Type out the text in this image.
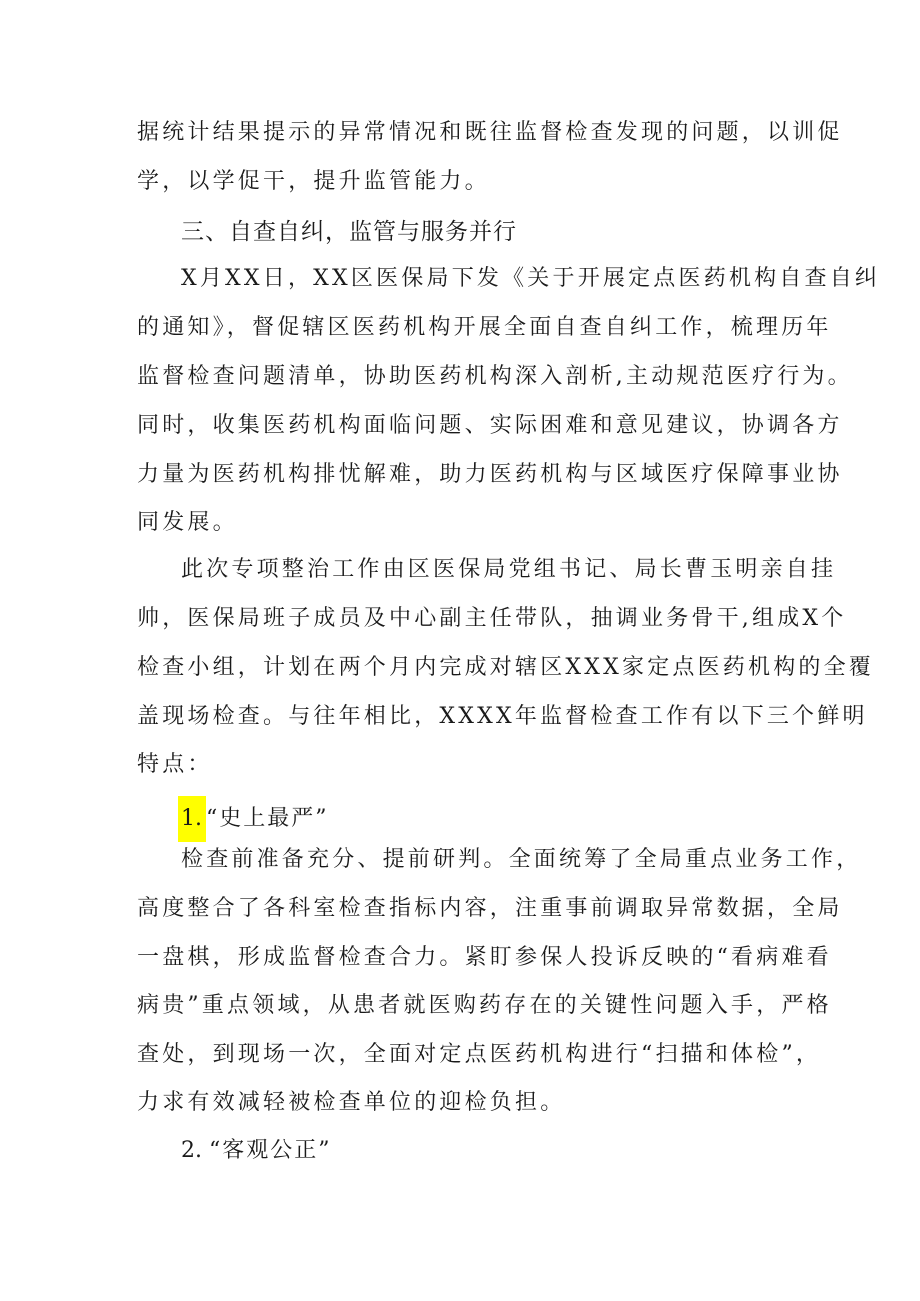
据统计结果提示的异常情况和既往监督检查发现的问题，以训促
学，以学促干，提升监管能力。
三、自查自纠，监管与服务并行
X月XX日，XX区医保局下发《关于开展定点医药机构自查自纠
的通知》，督促辖区医药机构开展全面自查自纠工作，梳理历年
监督检查问题清单，协助医药机构深入剖析,主动规范医疗行为。
同时，收集医药机构面临问题、实际困难和意见建议，协调各方
力量为医药机构排忧解难，助力医药机构与区域医疗保障事业协
同发展。
此次专项整治工作由区医保局党组书记、局长曹玉明亲自挂
帅，医保局班子成员及中心副主任带队，抽调业务骨干,组成X个
检查小组，计划在两个月内完成对辖区XXX家定点医药机构的全覆
盖现场检查。与往年相比，XXXX年监督检查工作有以下三个鲜明
特点：
1. “史上最严”
检查前准备充分、提前研判。全面统筹了全局重点业务工作，
高度整合了各科室检查指标内容，注重事前调取异常数据，全局
一盘棋，形成监督检查合力。紧盯参保人投诉反映的“看病难看
病贵”重点领域，从患者就医购药存在的关键性问题入手，严格
查处，到现场一次，全面对定点医药机构进行“扫描和体检”，
力求有效减轻被检查单位的迎检负担。
2. “客观公正”
